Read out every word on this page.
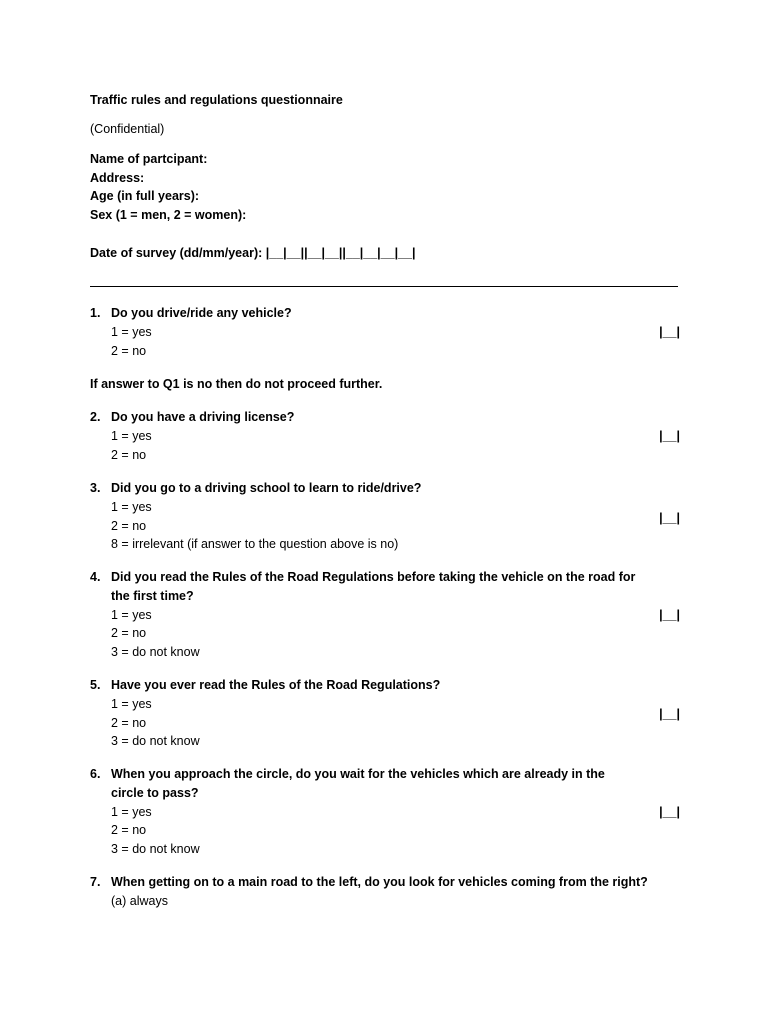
Traffic rules and regulations questionnaire
(Confidential)
Name of partcipant:
Address:
Age (in full years):
Sex (1 = men, 2 = women):
Date of survey (dd/mm/year): |__|__||__|__||__|__|__|__|
1. Do you drive/ride any vehicle?
1 = yes
2 = no
|__|
If answer to Q1 is no then do not proceed further.
2. Do you have a driving license?
1 = yes
2 = no
|__|
3. Did you go to a driving school to learn to ride/drive?
1 = yes
2 = no
8 = irrelevant (if answer to the question above is no)
|__|
4. Did you read the Rules of the Road Regulations before taking the vehicle on the road for the first time?
1 = yes
2 = no
3 = do not know
|__|
5. Have you ever read the Rules of the Road Regulations?
1 = yes
2 = no
3 = do not know
|__|
6. When you approach the circle, do you wait for the vehicles which are already in the circle to pass?
1 = yes
2 = no
3 = do not know
|__|
7. When getting on to a main road to the left, do you look for vehicles coming from the right?
(a) always
